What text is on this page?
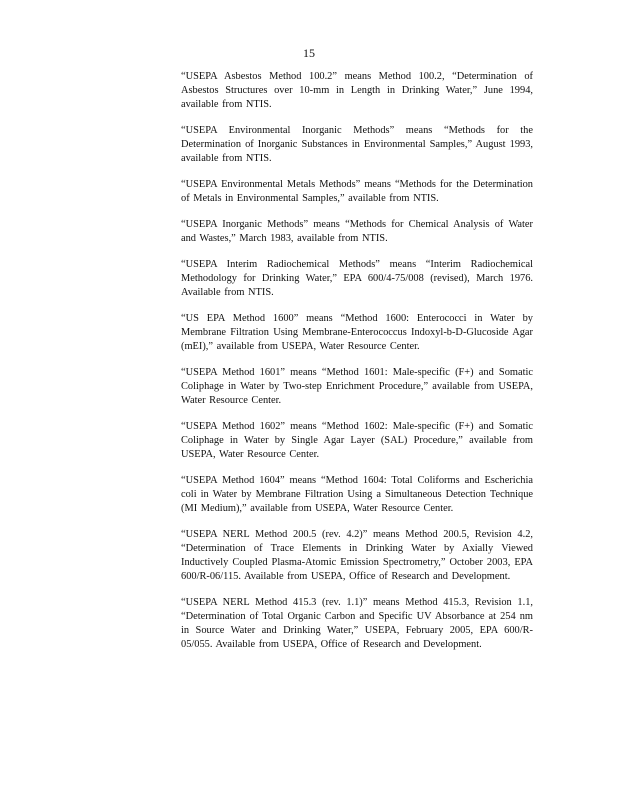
15

“USEPA Asbestos Method 100.2” means Method 100.2, “Determination of Asbestos Structures over 10-mm in Length in Drinking Water,” June 1994, available from NTIS.

“USEPA Environmental Inorganic Methods” means “Methods for the Determination of Inorganic Substances in Environmental Samples,” August 1993, available from NTIS.

“USEPA Environmental Metals Methods” means “Methods for the Determination of Metals in Environmental Samples,” available from NTIS.

“USEPA Inorganic Methods” means “Methods for Chemical Analysis of Water and Wastes,” March 1983, available from NTIS.

“USEPA Interim Radiochemical Methods” means “Interim Radiochemical Methodology for Drinking Water,” EPA 600/4-75/008 (revised), March 1976. Available from NTIS.

“US EPA Method 1600” means “Method 1600: Enterococci in Water by Membrane Filtration Using Membrane-Enterococcus Indoxyl-b-D-Glucoside Agar (mEI),” available from USEPA, Water Resource Center.

“USEPA Method 1601” means “Method 1601: Male-specific (F+) and Somatic Coliphage in Water by Two-step Enrichment Procedure,” available from USEPA, Water Resource Center.

“USEPA Method 1602” means “Method 1602: Male-specific (F+) and Somatic Coliphage in Water by Single Agar Layer (SAL) Procedure,” available from USEPA, Water Resource Center.

“USEPA Method 1604” means “Method 1604: Total Coliforms and Escherichia coli in Water by Membrane Filtration Using a Simultaneous Detection Technique (MI Medium),” available from USEPA, Water Resource Center.

“USEPA NERL Method 200.5 (rev. 4.2)” means Method 200.5, Revision 4.2, “Determination of Trace Elements in Drinking Water by Axially Viewed Inductively Coupled Plasma-Atomic Emission Spectrometry,” October 2003, EPA 600/R-06/115. Available from USEPA, Office of Research and Development.

“USEPA NERL Method 415.3 (rev. 1.1)” means Method 415.3, Revision 1.1, “Determination of Total Organic Carbon and Specific UV Absorbance at 254 nm in Source Water and Drinking Water,” USEPA, February 2005, EPA 600/R-05/055. Available from USEPA, Office of Research and Development.
